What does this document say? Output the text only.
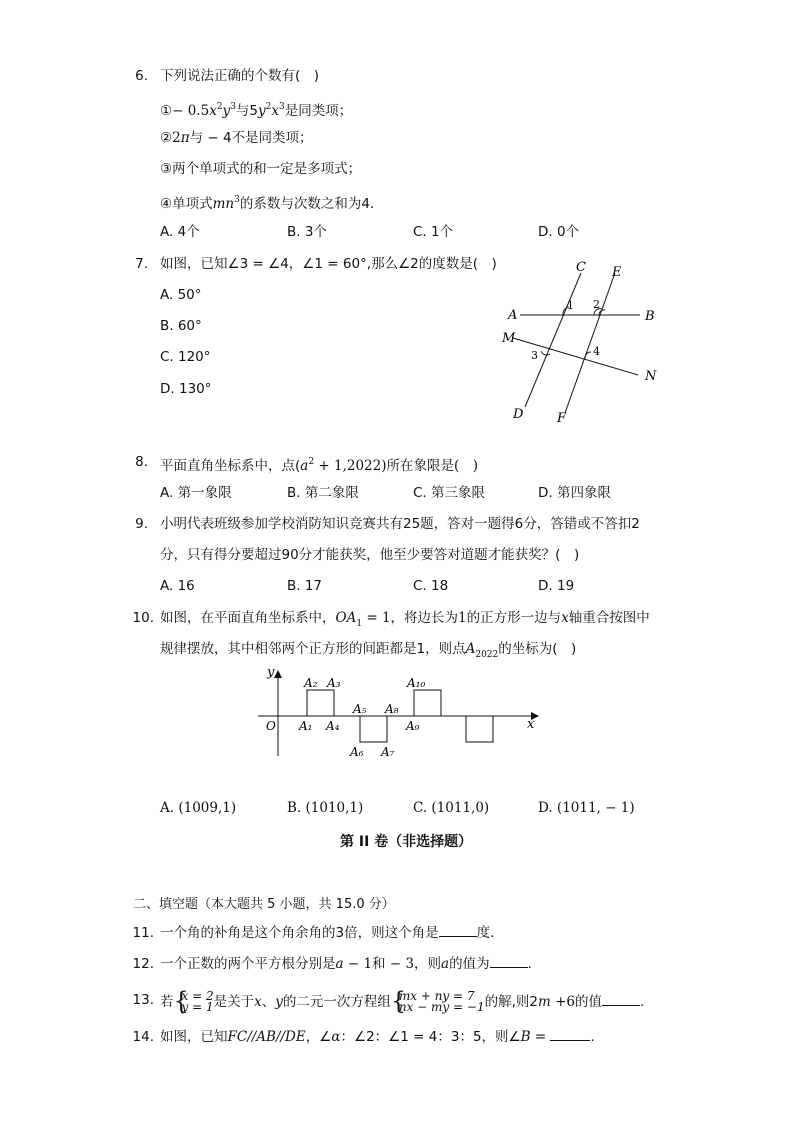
6. 下列说法正确的个数有(　)
①− $0.5x^2y^3$与$5y^2x^3$是同类项；
②2π与 − 4不是同类项；
③两个单项式的和一定是多项式；
④单项式$mn^3$的系数与次数之和为4．
A. 4个	B. 3个	C. 1个	D. 0个
7. 如图，已知∠3 = ∠4，∠1 = 60°,那么∠2的度数是(　)
A. 50°
B. 60°
C. 120°
D. 130°
C E
A	B
M
N
D	F
1 2
3	4
8. 平面直角坐标系中，点$(a^2 + 1,2022)$所在象限是(　)
A. 第一象限	B. 第二象限	C. 第三象限	D. 第四象限
9. 小明代表班级参加学校消防知识竞赛共有25题，答对一题得6分，答错或不答扣2
分，只有得分要超过90分才能获奖，他至少要答对道题才能获奖？(　)
A. 16	B. 17	C. 18	D. 19
10. 如图，在平面直角坐标系中，$OA_1 = 1$，将边长为1的正方形一边与x轴重合按图中
规律摆放，其中相邻两个正方形的间距都是1，则点$A_{2022}$的坐标为(　)
y
x
O A₁
A₂ A₃
A₄
A₅
A₆ A₇
A₈
A₉
A₁₀
A. (1009,1)	B. (1010,1)	C. (1011,0)	D. (1011, − 1)
第 II 卷（非选择题）
二、填空题（本大题共 5 小题，共 15.0 分）
11. 一个角的补角是这个角余角的3倍，则这个角是	度．
12. 一个正数的两个平方根分别是a − 1和 − 3，则a的值为	．
13. 若 {
x = 2
y = 1是关于x、y的二元一次方程组 {
mx + ny = 7
nx − my = −1的解,则2m +6的值	.
14. 如图，已知FC//AB//DE，∠α：∠2：∠1 = 4：3：5，则∠B =	．
